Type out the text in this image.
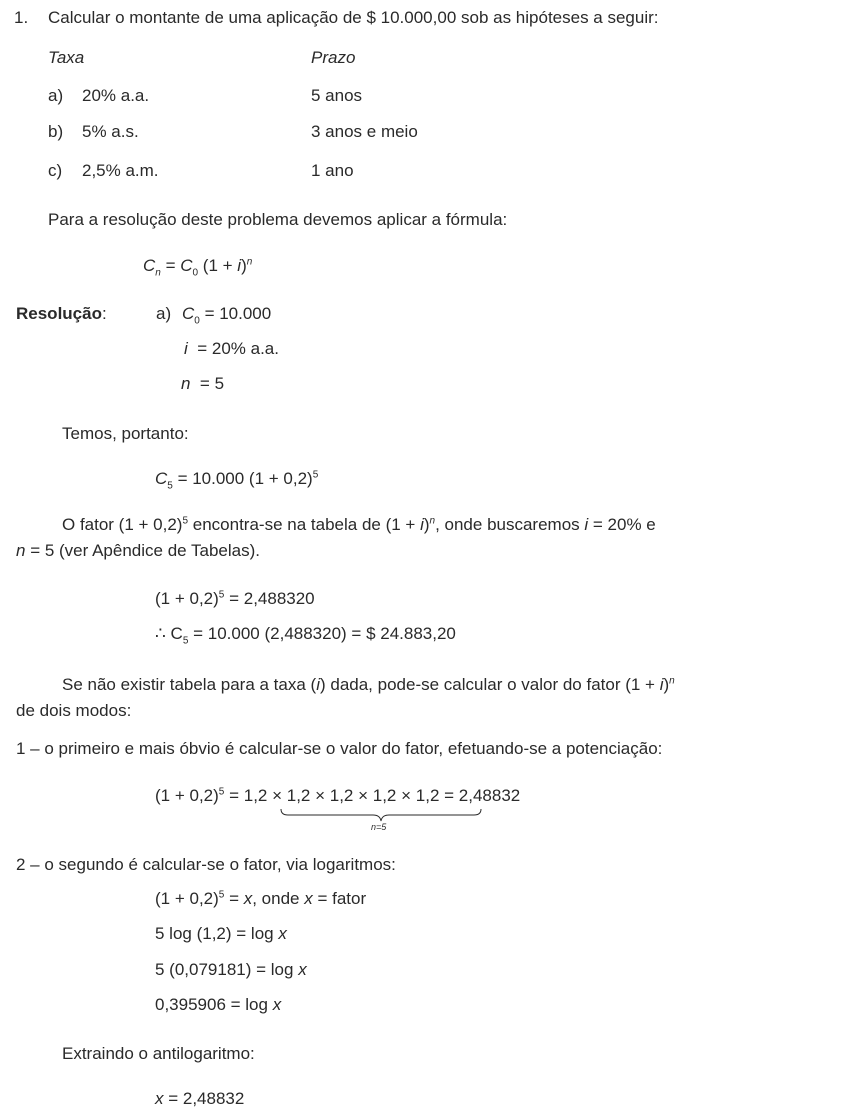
1. Calcular o montante de uma aplicação de $ 10.000,00 sob as hipóteses a seguir:
Taxa	Prazo
a) 20% a.a.	5 anos
b) 5% a.s.	3 anos e meio
c) 2,5% a.m.	1 ano
Para a resolução deste problema devemos aplicar a fórmula:
$C_n = C_0$ $(1 + i)^n$
Resolução:	a) $C_0 = 10.000$
i  = 20% a.a.
n  = 5
Temos, portanto:
$C_5 = 10.000$ $(1 + 0,2)^5$
O fator $(1 + 0,2)^5$ encontra-se na tabela de $(1 + i)^n$, onde buscaremos i = 20% e
n = 5 (ver Apêndice de Tabelas).
$(1 + 0,2)^5 = 2,488320$
∴ $C_5 = 10.000$ (2,488320) = $ 24.883,20
Se não existir tabela para a taxa (i) dada, pode-se calcular o valor do fator $(1 + i)^n$
de dois modos:
1 – o primeiro e mais óbvio é calcular-se o valor do fator, efetuando-se a potenciação:
$(1 + 0,2)^5 = 1,2 \times 1,2 \times 1,2 \times 1,2 \times 1,2 = 2,48832$
n=5
2 – o segundo é calcular-se o fator, via logaritmos:
$(1 + 0,2)^5 = x$, onde x = fator
5 log (1,2) = log x
5 (0,079181) = log x
0,395906 = log x
Extraindo o antilogaritmo:
x = 2,48832
